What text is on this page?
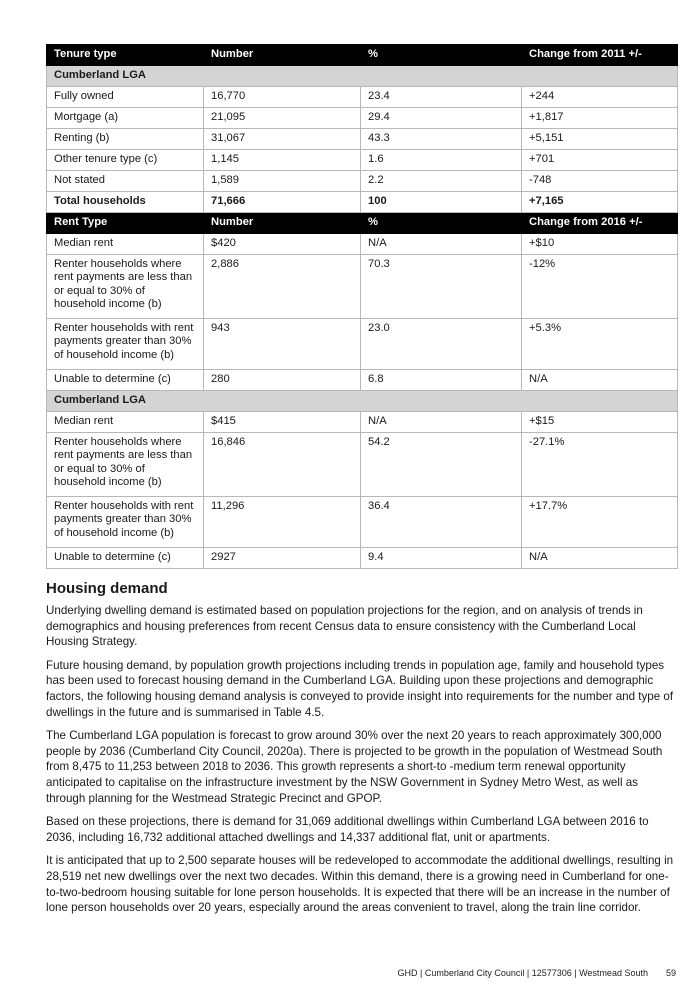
Tenure type	Number	%	Change from 2011 +/-
Cumberland LGA			
Fully owned	16,770	23.4	+244
Mortgage (a)	21,095	29.4	+1,817
Renting (b)	31,067	43.3	+5,151
Other tenure type (c)	1,145	1.6	+701
Not stated	1,589	2.2	-748
Total households	71,666	100	+7,165
Rent Type	Number	%	Change from 2016 +/-
Median rent	$420	N/A	+$10
Renter households where rent payments are less than or equal to 30% of household income (b)	2,886	70.3	-12%
Renter households with rent payments greater than 30% of household income (b)	943	23.0	+5.3%
Unable to determine (c)	280	6.8	N/A
Cumberland LGA			
Median rent	$415	N/A	+$15
Renter households where rent payments are less than or equal to 30% of household income (b)	16,846	54.2	-27.1%
Renter households with rent payments greater than 30% of household income (b)	11,296	36.4	+17.7%
Unable to determine (c)	2927	9.4	N/A
Housing demand

Underlying dwelling demand is estimated based on population projections for the region, and on analysis of trends in demographics and housing preferences from recent Census data to ensure consistency with the Cumberland Local Housing Strategy.

Future housing demand, by population growth projections including trends in population age, family and household types has been used to forecast housing demand in the Cumberland LGA. Building upon these projections and demographic factors, the following housing demand analysis is conveyed to provide insight into requirements for the number and type of dwellings in the future and is summarised in Table 4.5.

The Cumberland LGA population is forecast to grow around 30% over the next 20 years to reach approximately 300,000 people by 2036 (Cumberland City Council, 2020a). There is projected to be growth in the population of Westmead South from 8,475 to 11,253 between 2018 to 2036. This growth represents a short-to -medium term renewal opportunity anticipated to capitalise on the infrastructure investment by the NSW Government in Sydney Metro West, as well as through planning for the Westmead Strategic Precinct and GPOP.

Based on these projections, there is demand for 31,069 additional dwellings within Cumberland LGA between 2016 to 2036, including 16,732 additional attached dwellings and 14,337 additional flat, unit or apartments.

It is anticipated that up to 2,500 separate houses will be redeveloped to accommodate the additional dwellings, resulting in 28,519 net new dwellings over the next two decades. Within this demand, there is a growing need in Cumberland for one-to-two-bedroom housing suitable for lone person households. It is expected that there will be an increase in the number of lone person households over 20 years, especially around the areas convenient to travel, along the train line corridor.

GHD | Cumberland City Council | 12577306 | Westmead South 59
